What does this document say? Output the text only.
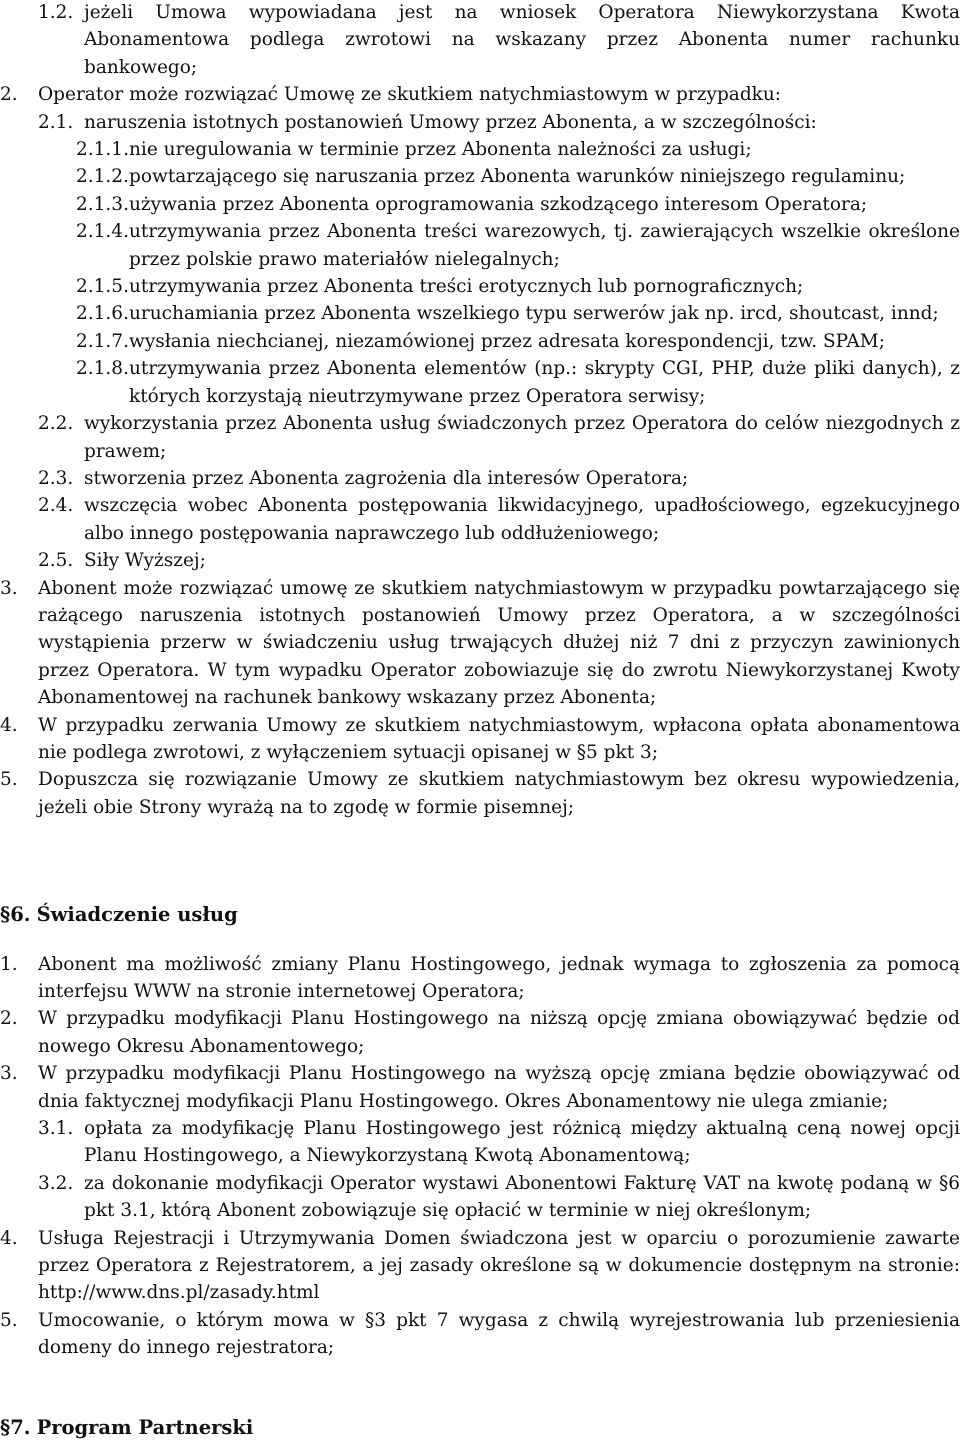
1.2. jeżeli Umowa wypowiadana jest na wniosek Operatora Niewykorzystana Kwota Abonamentowa podlega zwrotowi na wskazany przez Abonenta numer rachunku bankowego;
2. Operator może rozwiązać Umowę ze skutkiem natychmiastowym w przypadku:
2.1. naruszenia istotnych postanowień Umowy przez Abonenta, a w szczególności:
2.1.1. nie uregulowania w terminie przez Abonenta należności za usługi;
2.1.2. powtarzającego się naruszania przez Abonenta warunków niniejszego regulaminu;
2.1.3. używania przez Abonenta oprogramowania szkodzącego interesom Operatora;
2.1.4. utrzymywania przez Abonenta treści warezowych, tj. zawierających wszelkie określone przez polskie prawo materiałów nielegalnych;
2.1.5. utrzymywania przez Abonenta treści erotycznych lub pornograficznych;
2.1.6. uruchamiania przez Abonenta wszelkiego typu serwerów jak np. ircd, shoutcast, innd;
2.1.7. wysłania niechcianej, niezamówionej przez adresata korespondencji, tzw. SPAM;
2.1.8. utrzymywania przez Abonenta elementów (np.: skrypty CGI, PHP, duże pliki danych), z których korzystają nieutrzymywane przez Operatora serwisy;
2.2. wykorzystania przez Abonenta usług świadczonych przez Operatora do celów niezgodnych z prawem;
2.3. stworzenia przez Abonenta zagrożenia dla interesów Operatora;
2.4. wszczęcia wobec Abonenta postępowania likwidacyjnego, upadłościowego, egzekucyjnego albo innego postępowania naprawczego lub oddłużeniowego;
2.5. Siły Wyższej;
3. Abonent może rozwiązać umowę ze skutkiem natychmiastowym w przypadku powtarzającego się rażącego naruszenia istotnych postanowień Umowy przez Operatora, a w szczególności wystąpienia przerw w świadczeniu usług trwających dłużej niż 7 dni z przyczyn zawinionych przez Operatora. W tym wypadku Operator zobowiazuje się do zwrotu Niewykorzystanej Kwoty Abonamentowej na rachunek bankowy wskazany przez Abonenta;
4. W przypadku zerwania Umowy ze skutkiem natychmiastowym, wpłacona opłata abonamentowa nie podlega zwrotowi, z wyłączeniem sytuacji opisanej w §5 pkt 3;
5. Dopuszcza się rozwiązanie Umowy ze skutkiem natychmiastowym bez okresu wypowiedzenia, jeżeli obie Strony wyrażą na to zgodę w formie pisemnej;
§6. Świadczenie usług
1. Abonent ma możliwość zmiany Planu Hostingowego, jednak wymaga to zgłoszenia za pomocą interfejsu WWW na stronie internetowej Operatora;
2. W przypadku modyfikacji Planu Hostingowego na niższą opcję zmiana obowiązywać będzie od nowego Okresu Abonamentowego;
3. W przypadku modyfikacji Planu Hostingowego na wyższą opcję zmiana będzie obowiązywać od dnia faktycznej modyfikacji Planu Hostingowego. Okres Abonamentowy nie ulega zmianie;
3.1. opłata za modyfikację Planu Hostingowego jest różnicą między aktualną ceną nowej opcji Planu Hostingowego, a Niewykorzystaną Kwotą Abonamentową;
3.2. za dokonanie modyfikacji Operator wystawi Abonentowi Fakturę VAT na kwotę podaną w §6 pkt 3.1, którą Abonent zobowiązuje się opłacić w terminie w niej określonym;
4. Usługa Rejestracji i Utrzymywania Domen świadczona jest w oparciu o porozumienie zawarte przez Operatora z Rejestratorem, a jej zasady określone są w dokumencie dostępnym na stronie: http://www.dns.pl/zasady.html
5. Umocowanie, o którym mowa w §3 pkt 7 wygasa z chwilą wyrejestrowania lub przeniesienia domeny do innego rejestratora;
§7. Program Partnerski
